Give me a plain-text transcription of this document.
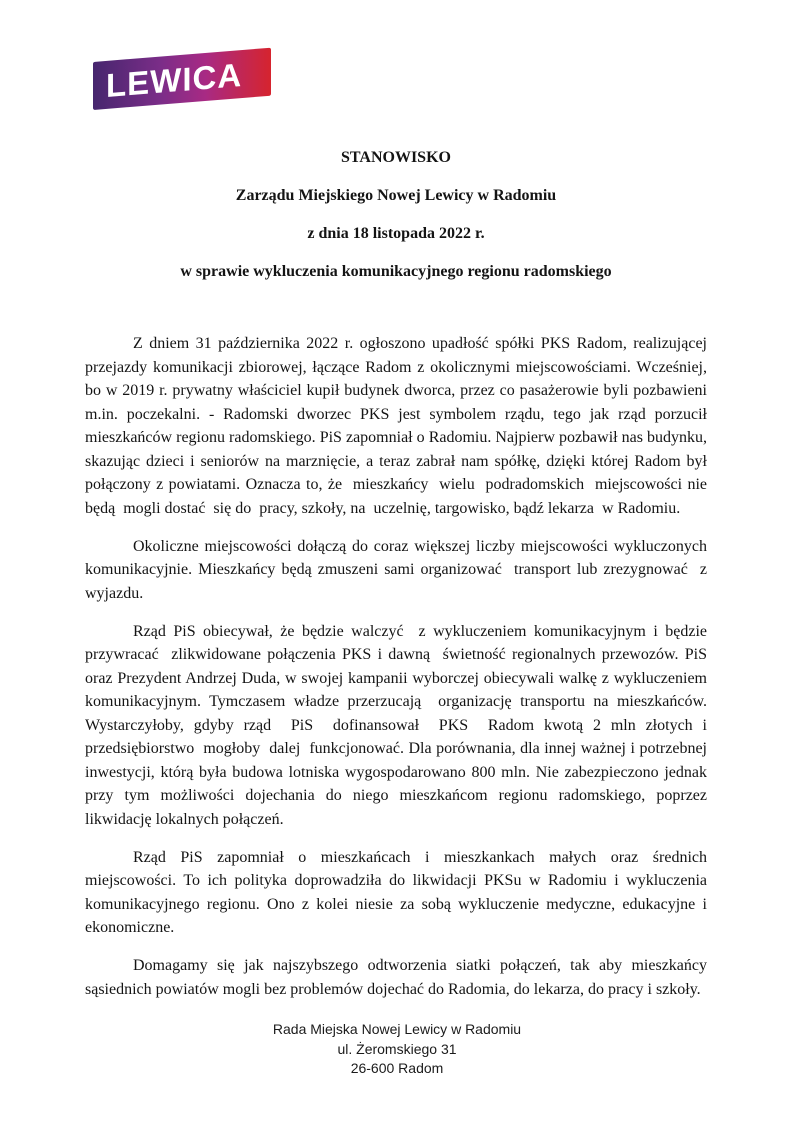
LEWICA

STANOWISKO

Zarządu Miejskiego Nowej Lewicy w Radomiu

z dnia 18 listopada 2022 r.

w sprawie wykluczenia komunikacyjnego regionu radomskiego

Z dniem 31 października 2022 r. ogłoszono upadłość spółki PKS Radom, realizującej przejazdy komunikacji zbiorowej, łączące Radom z okolicznymi miejscowościami. Wcześniej,  bo w 2019 r. prywatny właściciel kupił budynek dworca, przez co pasażerowie byli pozbawieni m.in. poczekalni. - Radomski dworzec PKS jest symbolem rządu, tego jak rząd porzucił mieszkańców regionu radomskiego. PiS zapomniał o Radomiu. Najpierw pozbawił nas budynku, skazując dzieci i seniorów na marznięcie, a teraz zabrał nam spółkę, dzięki której Radom był połączony z powiatami. Oznacza to, że  mieszkańcy  wielu  podradomskich  miejscowości nie  będą  mogli dostać  się do  pracy, szkoły, na  uczelnię, targowisko, bądź lekarza  w Radomiu.

Okoliczne miejscowości dołączą do coraz większej liczby miejscowości wykluczonych komunikacyjnie. Mieszkańcy będą zmuszeni sami organizować  transport lub zrezygnować  z wyjazdu.

Rząd PiS obiecywał, że będzie walczyć  z wykluczeniem komunikacyjnym i będzie przywracać  zlikwidowane połączenia PKS i dawną  świetność regionalnych przewozów. PiS oraz Prezydent Andrzej Duda, w swojej kampanii wyborczej obiecywali walkę z wykluczeniem komunikacyjnym. Tymczasem władze przerzucają  organizację transportu na mieszkańców. Wystarczyłoby, gdyby rząd  PiS  dofinansował  PKS  Radom kwotą 2 mln złotych i  przedsiębiorstwo  mogłoby  dalej  funkcjonować. Dla porównania, dla innej ważnej i potrzebnej inwestycji, którą była budowa lotniska wygospodarowano 800 mln. Nie zabezpieczono jednak przy tym możliwości dojechania do niego mieszkańcom regionu radomskiego, poprzez likwidację lokalnych połączeń.

Rząd PiS zapomniał o mieszkańcach i mieszkankach małych oraz średnich miejscowości. To ich polityka doprowadziła do likwidacji PKSu w Radomiu i wykluczenia komunikacyjnego regionu. Ono z kolei niesie za sobą wykluczenie medyczne, edukacyjne i ekonomiczne.

Domagamy się jak najszybszego odtworzenia siatki połączeń, tak aby mieszkańcy sąsiednich powiatów mogli bez problemów dojechać do Radomia, do lekarza, do pracy i szkoły.

Rada Miejska Nowej Lewicy w Radomiu

ul. Żeromskiego 31

26-600 Radom
